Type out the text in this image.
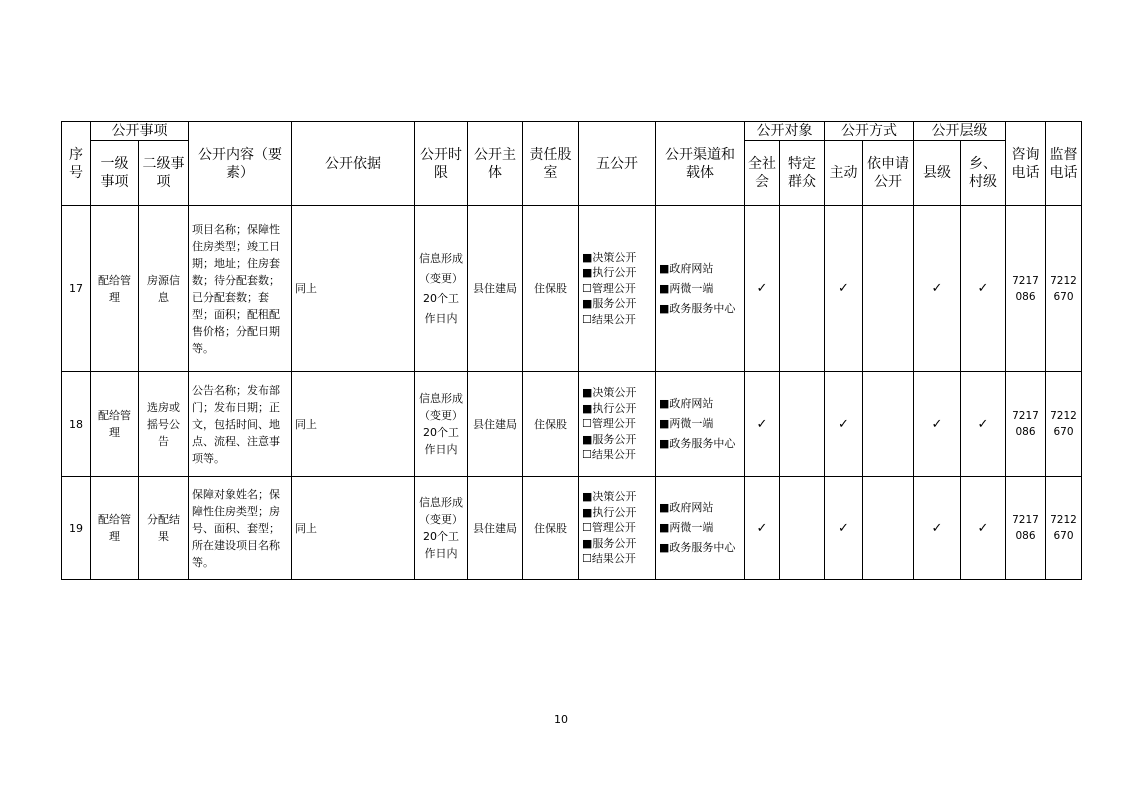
序号	公开事项		公开内容（要素）	公开依据	公开时限	公开主体	责任股室	五公开	公开渠道和载体	公开对象		公开方式		公开层级		咨询电话	监督电话
	一级事项	二级事项								全社会	特定群众	主动	依申请公开	县级	乡、村级		
17	配给管理	房源信息	项目名称；保障性住房类型；竣工日期；地址；住房套数；待分配套数；已分配套数；套型；面积；配租配售价格；分配日期等。	同上	信息形成（变更）20个工作日内	县住建局	住保股	■决策公开
■执行公开
☐管理公开
■服务公开
☐结果公开	■政府网站
■两微一端
■政务服务中心	✓		✓		✓	✓	7217086	7212670
18	配给管理	选房或摇号公告	公告名称；发布部门；发布日期；正文，包括时间、地点、流程、注意事项等。	同上	信息形成（变更）20个工作日内	县住建局	住保股	■决策公开
■执行公开
☐管理公开
■服务公开
☐结果公开	■政府网站
■两微一端
■政务服务中心	✓		✓		✓	✓	7217086	7212670
19	配给管理	分配结果	保障对象姓名；保障性住房类型；房号、面积、套型；所在建设项目名称等。	同上	信息形成（变更）20个工作日内	县住建局	住保股	■决策公开
■执行公开
☐管理公开
■服务公开
☐结果公开	■政府网站
■两微一端
■政务服务中心	✓		✓		✓	✓	7217086	7212670
10
